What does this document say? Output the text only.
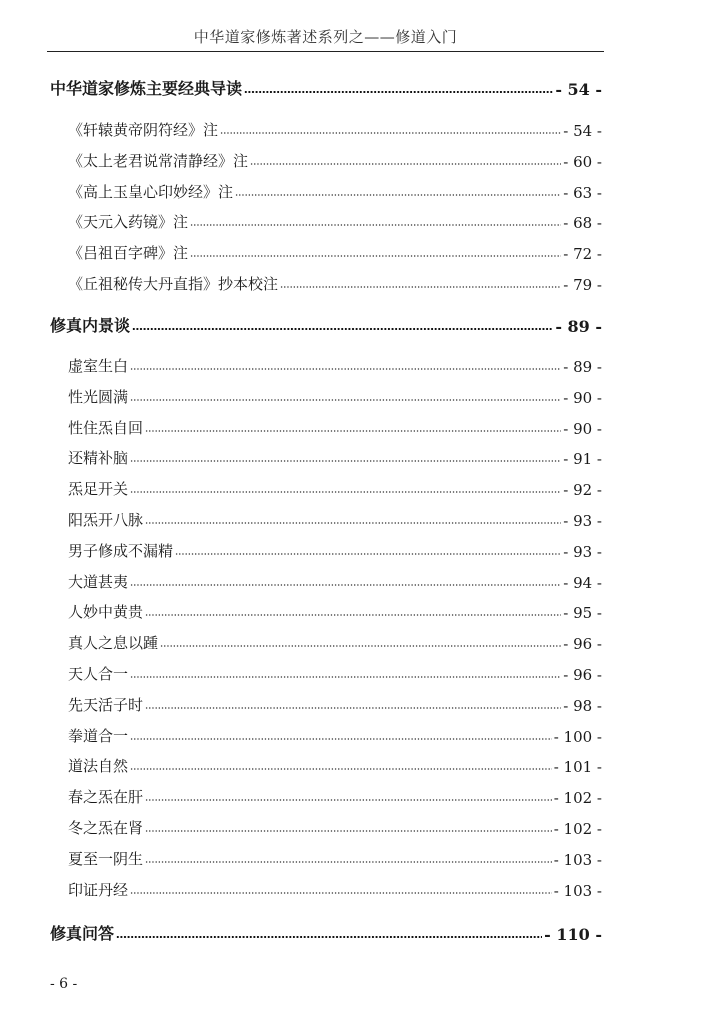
中华道家修炼著述系列之——修道入门
中华道家修炼主要经典导读	- 54 -
《轩辕黄帝阴符经》注	- 54 -
《太上老君说常清静经》注	- 60 -
《高上玉皇心印妙经》注	- 63 -
《天元入药镜》注	- 68 -
《吕祖百字碑》注	- 72 -
《丘祖秘传大丹直指》抄本校注	- 79 -
修真内景谈	- 89 -
虚室生白	- 89 -
性光圆满	- 90 -
性住炁自回	- 90 -
还精补脑	- 91 -
炁足开关	- 92 -
阳炁开八脉	- 93 -
男子修成不漏精	- 93 -
大道甚夷	- 94 -
人妙中黄贵	- 95 -
真人之息以踵	- 96 -
天人合一	- 96 -
先天活子时	- 98 -
拳道合一	- 100 -
道法自然	- 101 -
春之炁在肝	- 102 -
冬之炁在肾	- 102 -
夏至一阴生	- 103 -
印证丹经	- 103 -
修真问答	- 110 -
- 6 -
